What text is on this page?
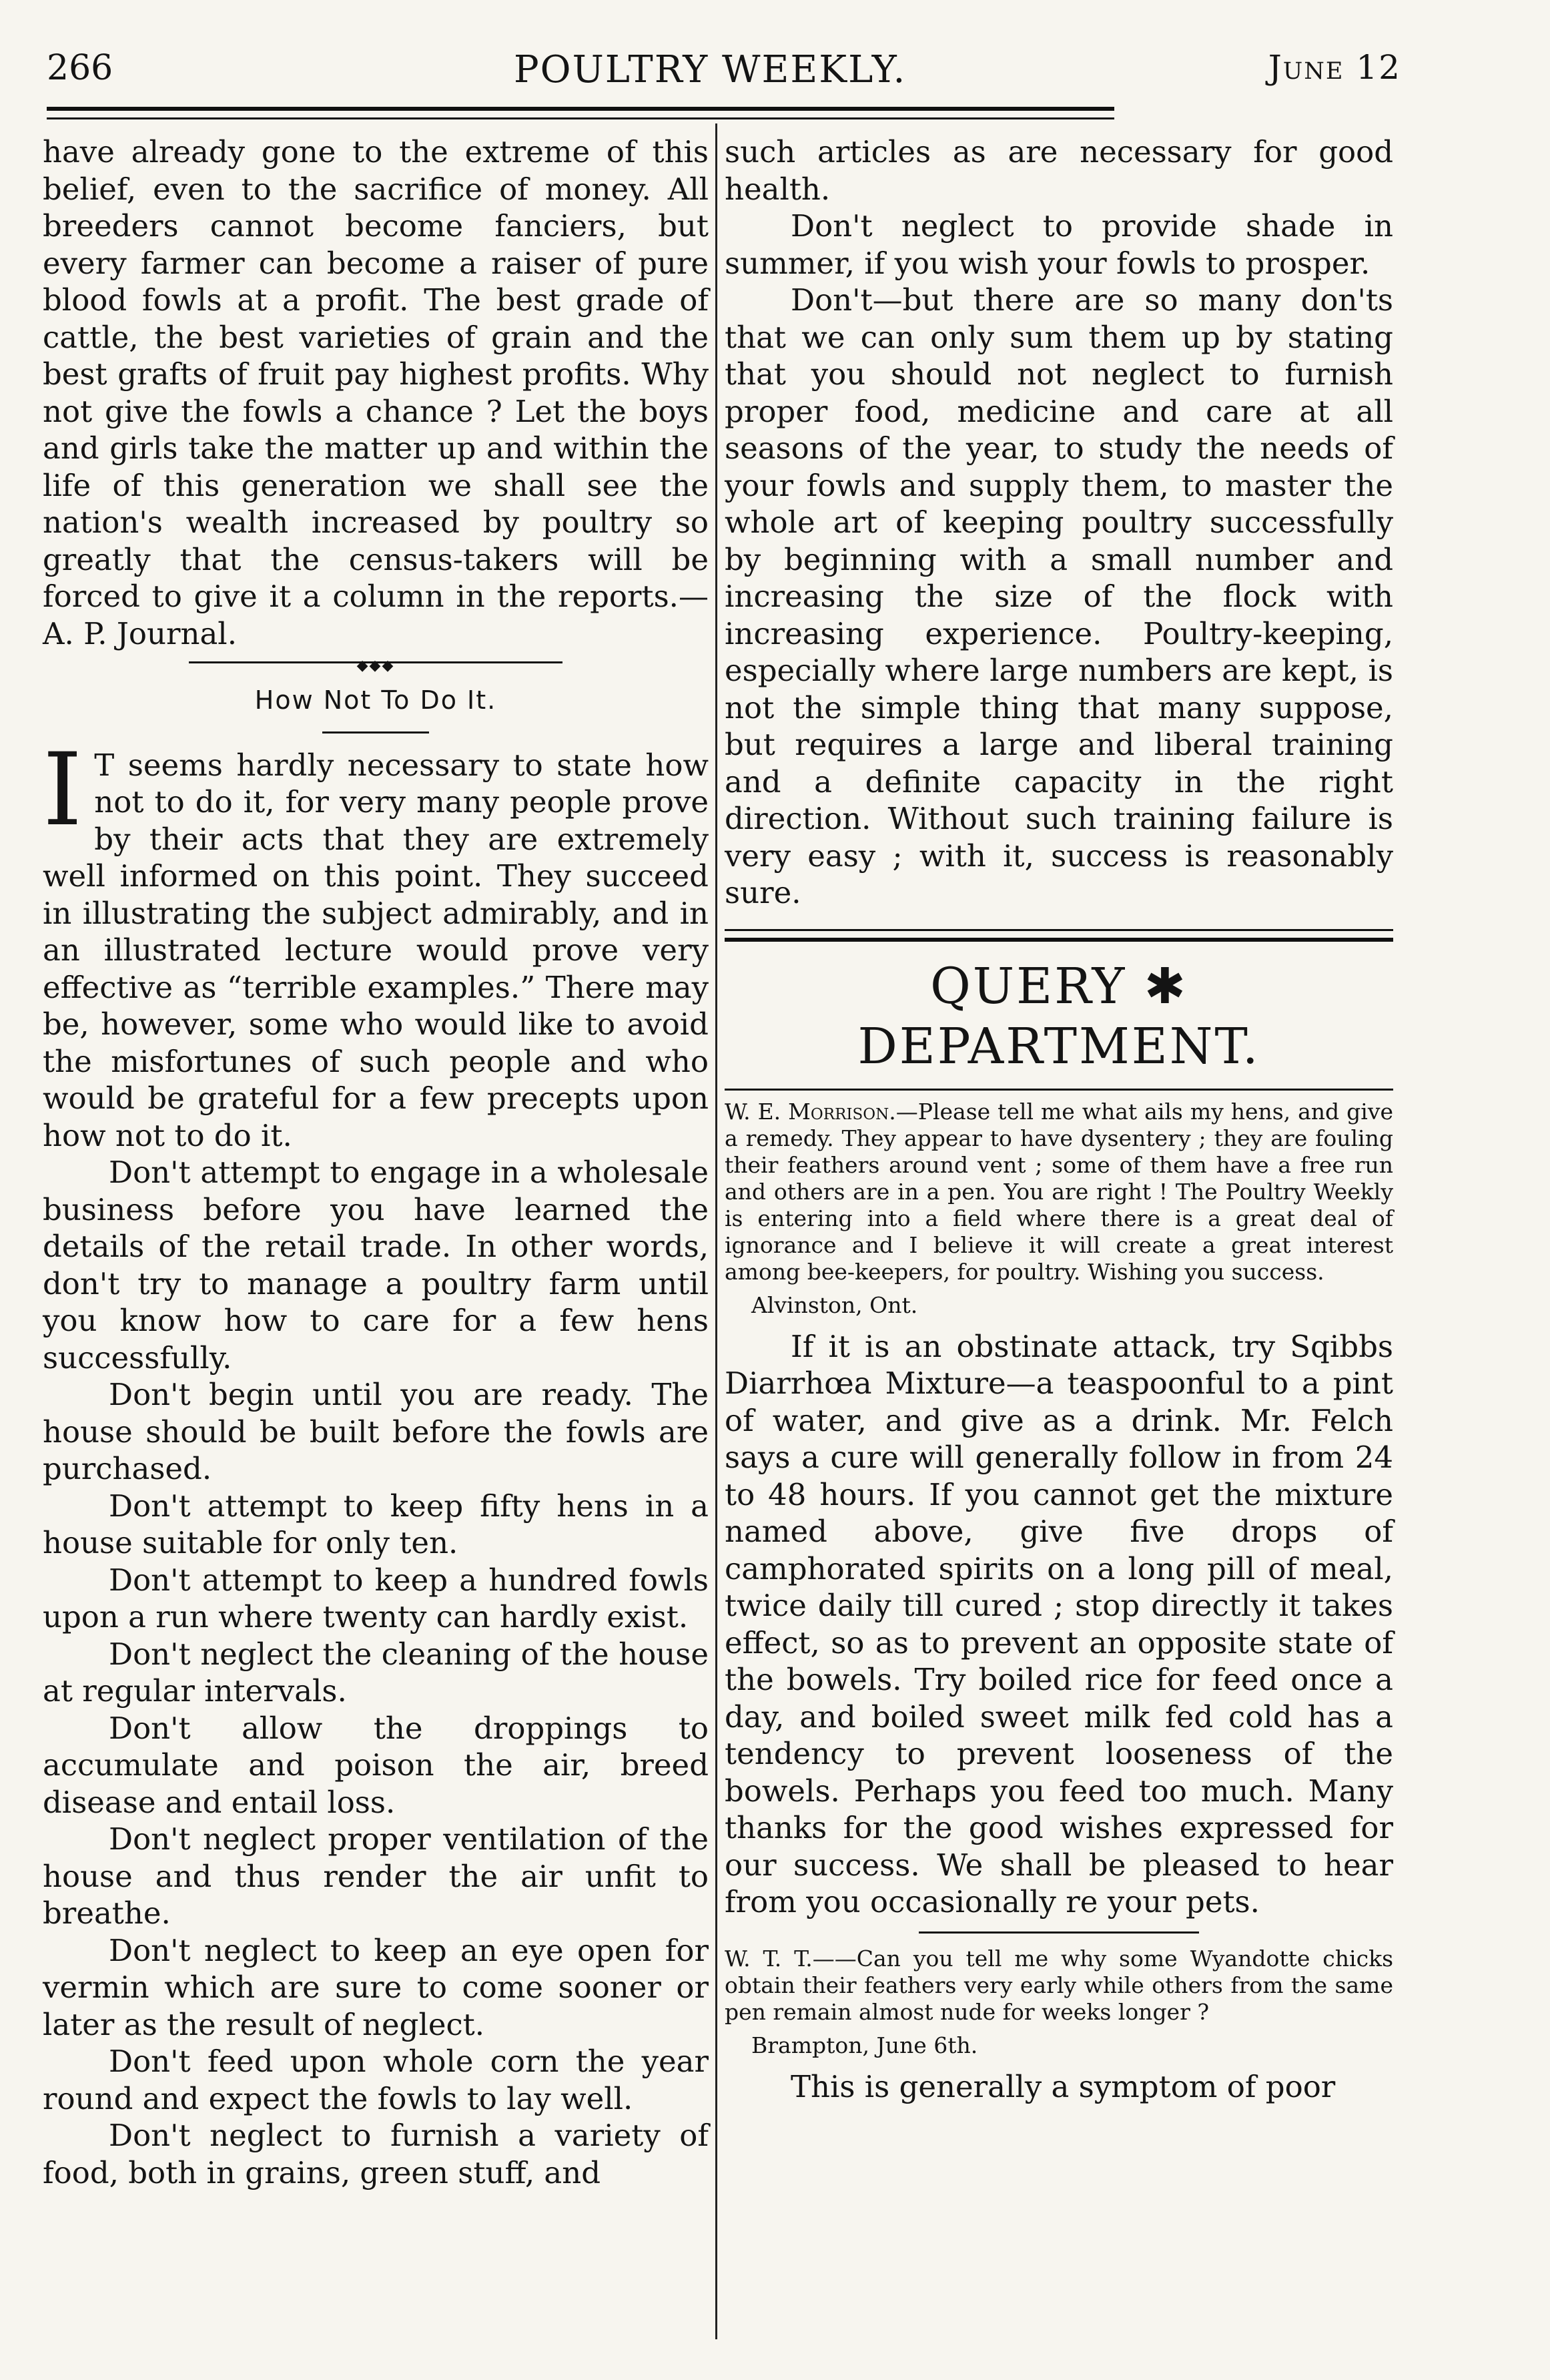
266	POULTRY WEEKLY.	June 12

have already gone to the extreme of this belief, even to the sacrifice of money. All breeders cannot become fanciers, but every farmer can become a raiser of pure blood fowls at a profit. The best grade of cattle, the best varieties of grain and the best grafts of fruit pay highest profits. Why not give the fowls a chance ? Let the boys and girls take the matter up and within the life of this generation we shall see the nation's wealth increased by poultry so greatly that the census-takers will be forced to give it a column in the reports.—A. P. Journal.

◆◆◆
How Not To Do It.

I T seems hardly necessary to state how not to do it, for very many people prove by their acts that they are extremely well informed on this point. They succeed in illustrating the subject admirably, and in an illustrated lecture would prove very effective as “terrible examples.” There may be, however, some who would like to avoid the misfortunes of such people and who would be grateful for a few precepts upon how not to do it.

Don't attempt to engage in a wholesale business before you have learned the details of the retail trade. In other words, don't try to manage a poultry farm until you know how to care for a few hens successfully.

Don't begin until you are ready. The house should be built before the fowls are purchased.

Don't attempt to keep fifty hens in a house suitable for only ten.

Don't attempt to keep a hundred fowls upon a run where twenty can hardly exist.

Don't neglect the cleaning of the house at regular intervals.

Don't allow the droppings to accumulate and poison the air, breed disease and entail loss.

Don't neglect proper ventilation of the house and thus render the air unfit to breathe.

Don't neglect to keep an eye open for vermin which are sure to come sooner or later as the result of neglect.

Don't feed upon whole corn the year round and expect the fowls to lay well.

Don't neglect to furnish a variety of food, both in grains, green stuff, and

such articles as are necessary for good health.

Don't neglect to provide shade in summer, if you wish your fowls to prosper.

Don't—but there are so many don'ts that we can only sum them up by stating that you should not neglect to furnish proper food, medicine and care at all seasons of the year, to study the needs of your fowls and supply them, to master the whole art of keeping poultry successfully by beginning with a small number and increasing the size of the flock with increasing experience. Poultry-keeping, especially where large numbers are kept, is not the simple thing that many suppose, but requires a large and liberal training and a definite capacity in the right direction. Without such training failure is very easy ; with it, success is reasonably sure.

QUERY ✱ DEPARTMENT.
W. E. Morrison.—Please tell me what ails my hens, and give a remedy. They appear to have dysentery ; they are fouling their feathers around vent ; some of them have a free run and others are in a pen. You are right ! The Poultry Weekly is entering into a field where there is a great deal of ignorance and I believe it will create a great interest among bee-keepers, for poultry. Wishing you success.
Alvinston, Ont.

If it is an obstinate attack, try Sqibbs Diarrhœa Mixture—a teaspoonful to a pint of water, and give as a drink. Mr. Felch says a cure will generally follow in from 24 to 48 hours. If you cannot get the mixture named above, give five drops of camphorated spirits on a long pill of meal, twice daily till cured ; stop directly it takes effect, so as to prevent an opposite state of the bowels. Try boiled rice for feed once a day, and boiled sweet milk fed cold has a tendency to prevent looseness of the bowels. Perhaps you feed too much. Many thanks for the good wishes expressed for our success. We shall be pleased to hear from you occasionally re your pets.

W. T. T.——Can you tell me why some Wyandotte chicks obtain their feathers very early while others from the same pen remain almost nude for weeks longer ?
Brampton, June 6th.

This is generally a symptom of poor
